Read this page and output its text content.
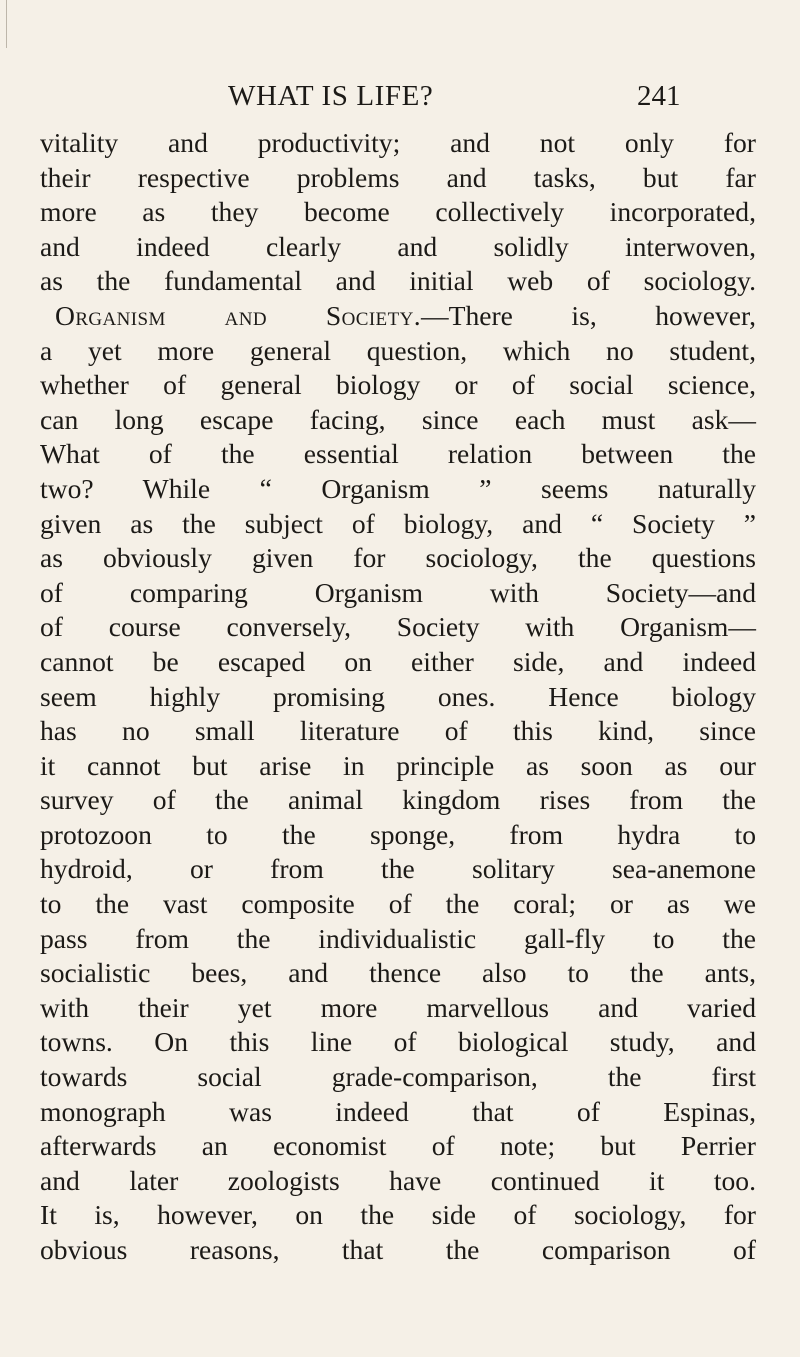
WHAT IS LIFE?	241
vitality and productivity; and not only for
their respective problems and tasks, but far
more as they become collectively incorporated,
and indeed clearly and solidly interwoven,
as the fundamental and initial web of sociology.
Organism and Society.—There is, however,
a yet more general question, which no student,
whether of general biology or of social science,
can long escape facing, since each must ask—
What of the essential relation between the
two? While “ Organism ” seems naturally
given as the subject of biology, and “ Society ”
as obviously given for sociology, the questions
of comparing Organism with Society—and
of course conversely, Society with Organism—
cannot be escaped on either side, and indeed
seem highly promising ones. Hence biology
has no small literature of this kind, since
it cannot but arise in principle as soon as our
survey of the animal kingdom rises from the
protozoon to the sponge, from hydra to
hydroid, or from the solitary sea-anemone
to the vast composite of the coral; or as we
pass from the individualistic gall-fly to the
socialistic bees, and thence also to the ants,
with their yet more marvellous and varied
towns. On this line of biological study, and
towards social grade-comparison, the first
monograph was indeed that of Espinas,
afterwards an economist of note; but Perrier
and later zoologists have continued it too.
It is, however, on the side of sociology, for
obvious reasons, that the comparison of
